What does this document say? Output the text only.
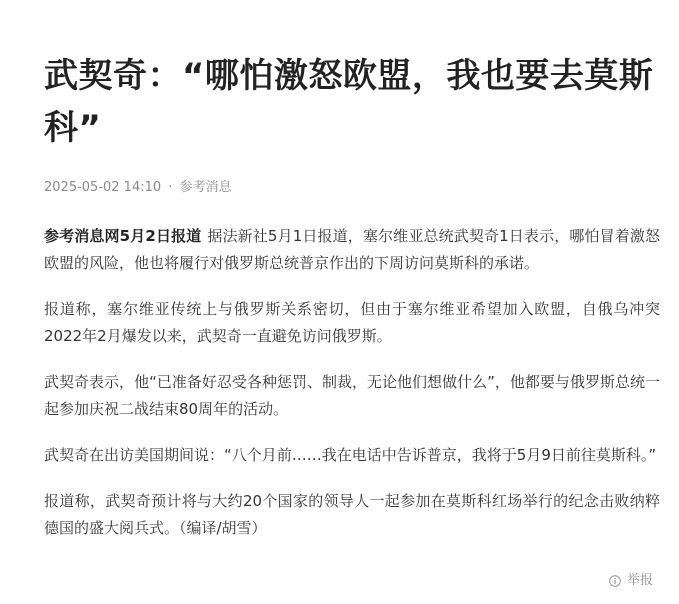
武契奇：“哪怕激怒欧盟，我也要去莫斯科”
2025-05-02 14:10 · 参考消息

参考消息网5月2日报道 据法新社5月1日报道，塞尔维亚总统武契奇1日表示，哪怕冒着激怒欧盟的风险，他也将履行对俄罗斯总统普京作出的下周访问莫斯科的承诺。

报道称，塞尔维亚传统上与俄罗斯关系密切，但由于塞尔维亚希望加入欧盟，自俄乌冲突2022年2月爆发以来，武契奇一直避免访问俄罗斯。

武契奇表示，他“已准备好忍受各种惩罚、制裁，无论他们想做什么”，他都要与俄罗斯总统一起参加庆祝二战结束80周年的活动。

武契奇在出访美国期间说：“八个月前……我在电话中告诉普京，我将于5月9日前往莫斯科。”

报道称，武契奇预计将与大约20个国家的领导人一起参加在莫斯科红场举行的纪念击败纳粹德国的盛大阅兵式。（编译/胡雪）

举报
